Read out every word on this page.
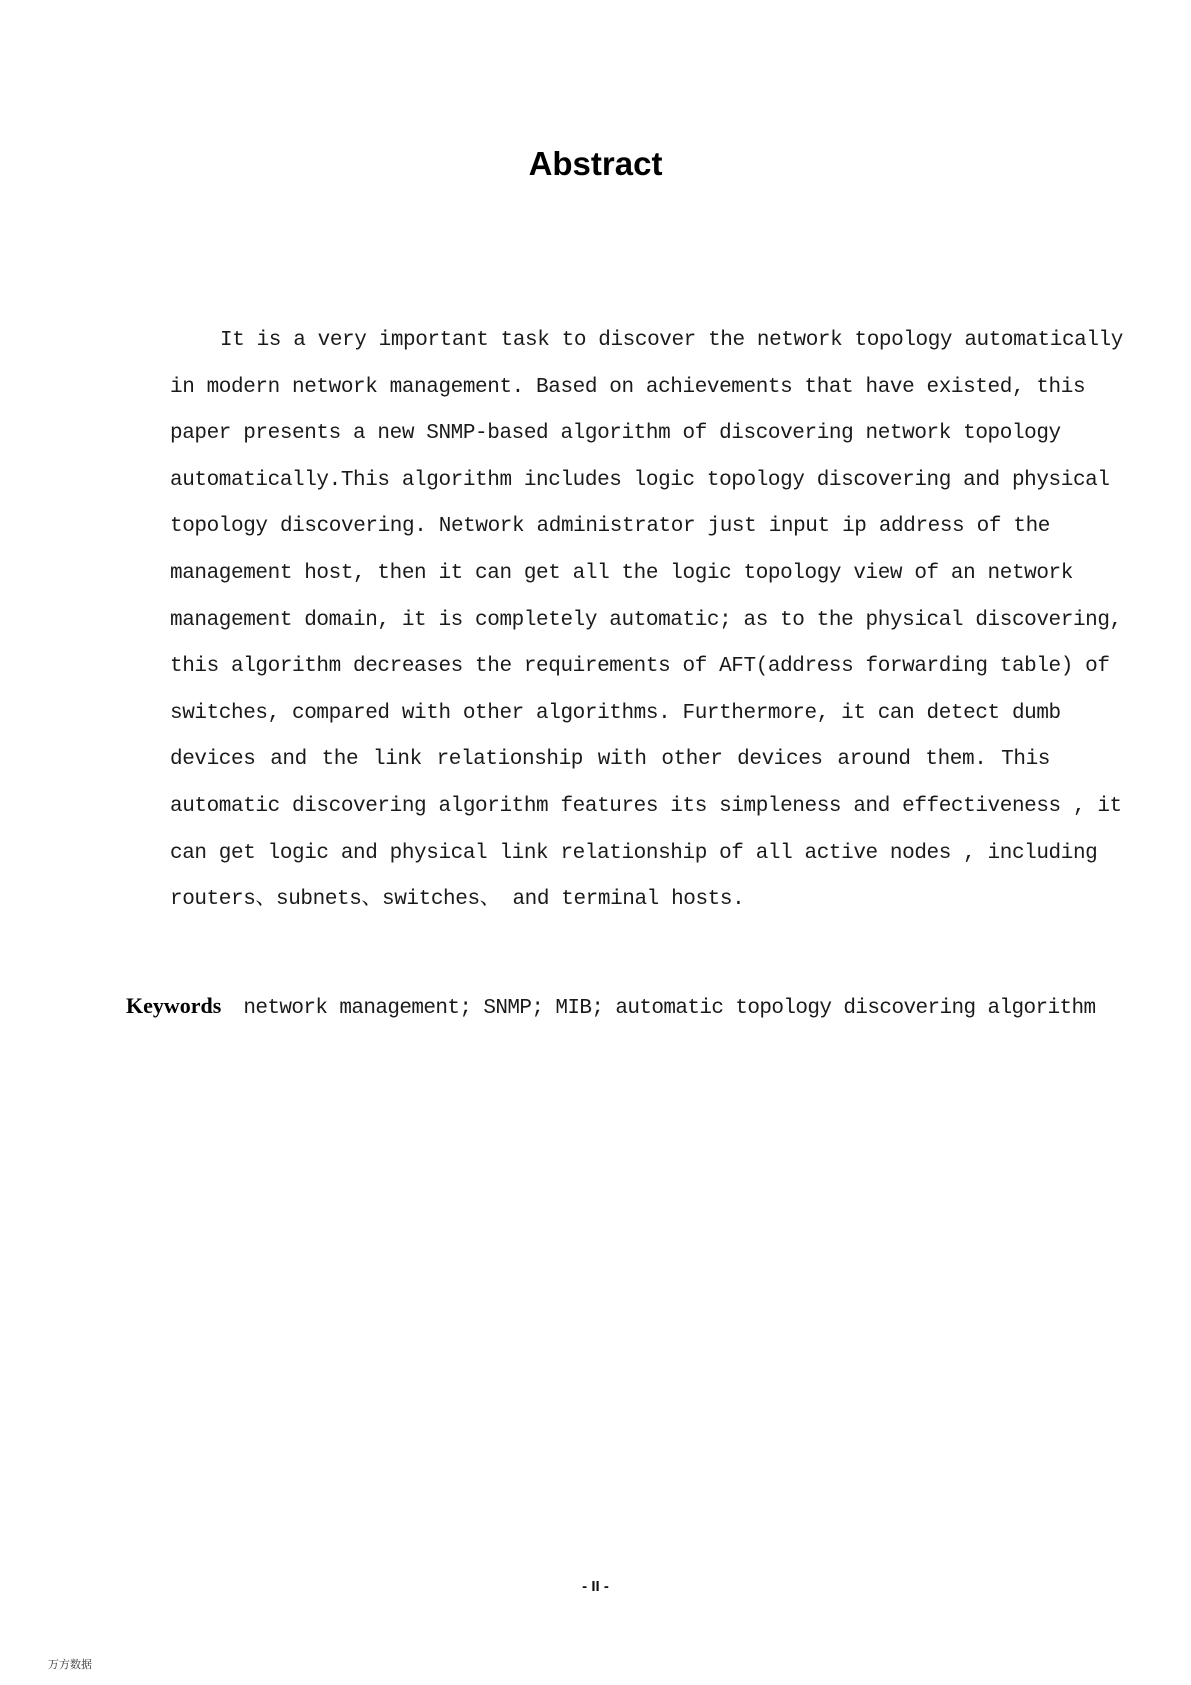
Abstract
It is a very important task to discover the network topology automatically
in modern network management. Based on achievements that have existed, this
paper presents a new SNMP-based algorithm of discovering network topology
automatically.This algorithm includes logic topology discovering and physical
topology discovering. Network administrator just input ip address of the
management host, then it can get all the logic topology view of an network
management domain, it is completely automatic; as to the physical discovering,
this algorithm decreases the requirements of AFT(address forwarding table) of
switches, compared with other algorithms. Furthermore, it can detect dumb
devices and the link relationship with other devices around them. This
automatic discovering algorithm features its simpleness and effectiveness , it
can get logic and physical link relationship of all active nodes , including
routers、subnets、switches、 and terminal hosts.
Keywords network management; SNMP; MIB; automatic topology discovering algorithm
- II -
万方数据
